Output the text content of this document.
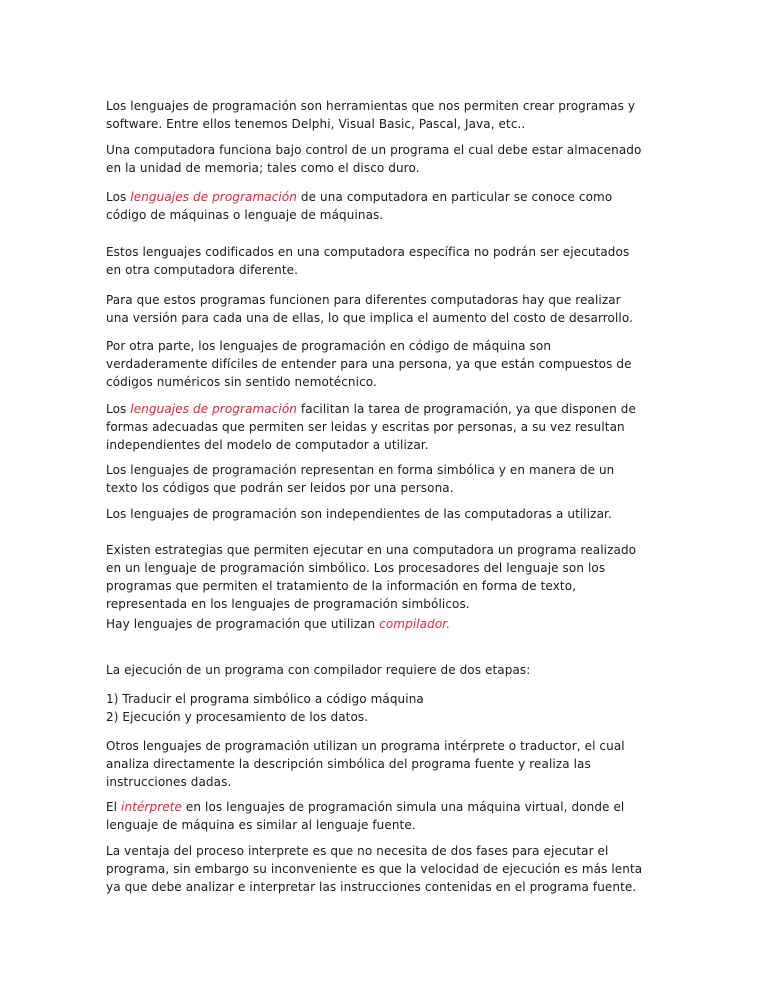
Los lenguajes de programación son herramientas que nos permiten crear programas y
software. Entre ellos tenemos Delphi, Visual Basic, Pascal, Java, etc..

Una computadora funciona bajo control de un programa el cual debe estar almacenado
en la unidad de memoria; tales como el disco duro.

Los lenguajes de programación de una computadora en particular se conoce como
código de máquinas o lenguaje de máquinas.

Estos lenguajes codificados en una computadora específica no podrán ser ejecutados
en otra computadora diferente.

Para que estos programas funcionen para diferentes computadoras hay que realizar
una versión para cada una de ellas, lo que implica el aumento del costo de desarrollo.

Por otra parte, los lenguajes de programación en código de máquina son
verdaderamente difíciles de entender para una persona, ya que están compuestos de
códigos numéricos sin sentido nemotécnico.

Los lenguajes de programación facilitan la tarea de programación, ya que disponen de
formas adecuadas que permiten ser leidas y escritas por personas, a su vez resultan
independientes del modelo de computador a utilizar.

Los lenguajes de programación representan en forma simbólica y en manera de un
texto los códigos que podrán ser leidos por una persona.

Los lenguajes de programación son independientes de las computadoras a utilizar.

Existen estrategias que permiten ejecutar en una computadora un programa realizado
en un lenguaje de programación simbólico. Los procesadores del lenguaje son los
programas que permiten el tratamiento de la información en forma de texto,
representada en los lenguajes de programación simbólicos.

Hay lenguajes de programación que utilizan compilador.

La ejecución de un programa con compilador requiere de dos etapas:

1) Traducir el programa simbólico a código máquina
2) Ejecución y procesamiento de los datos.

Otros lenguajes de programación utilizan un programa intérprete o traductor, el cual
analiza directamente la descripción simbólica del programa fuente y realiza las
instrucciones dadas.

El intérprete en los lenguajes de programación simula una máquina virtual, donde el
lenguaje de máquina es similar al lenguaje fuente.

La ventaja del proceso interprete es que no necesita de dos fases para ejecutar el
programa, sin embargo su inconveniente es que la velocidad de ejecución es más lenta
ya que debe analizar e interpretar las instrucciones contenidas en el programa fuente.
